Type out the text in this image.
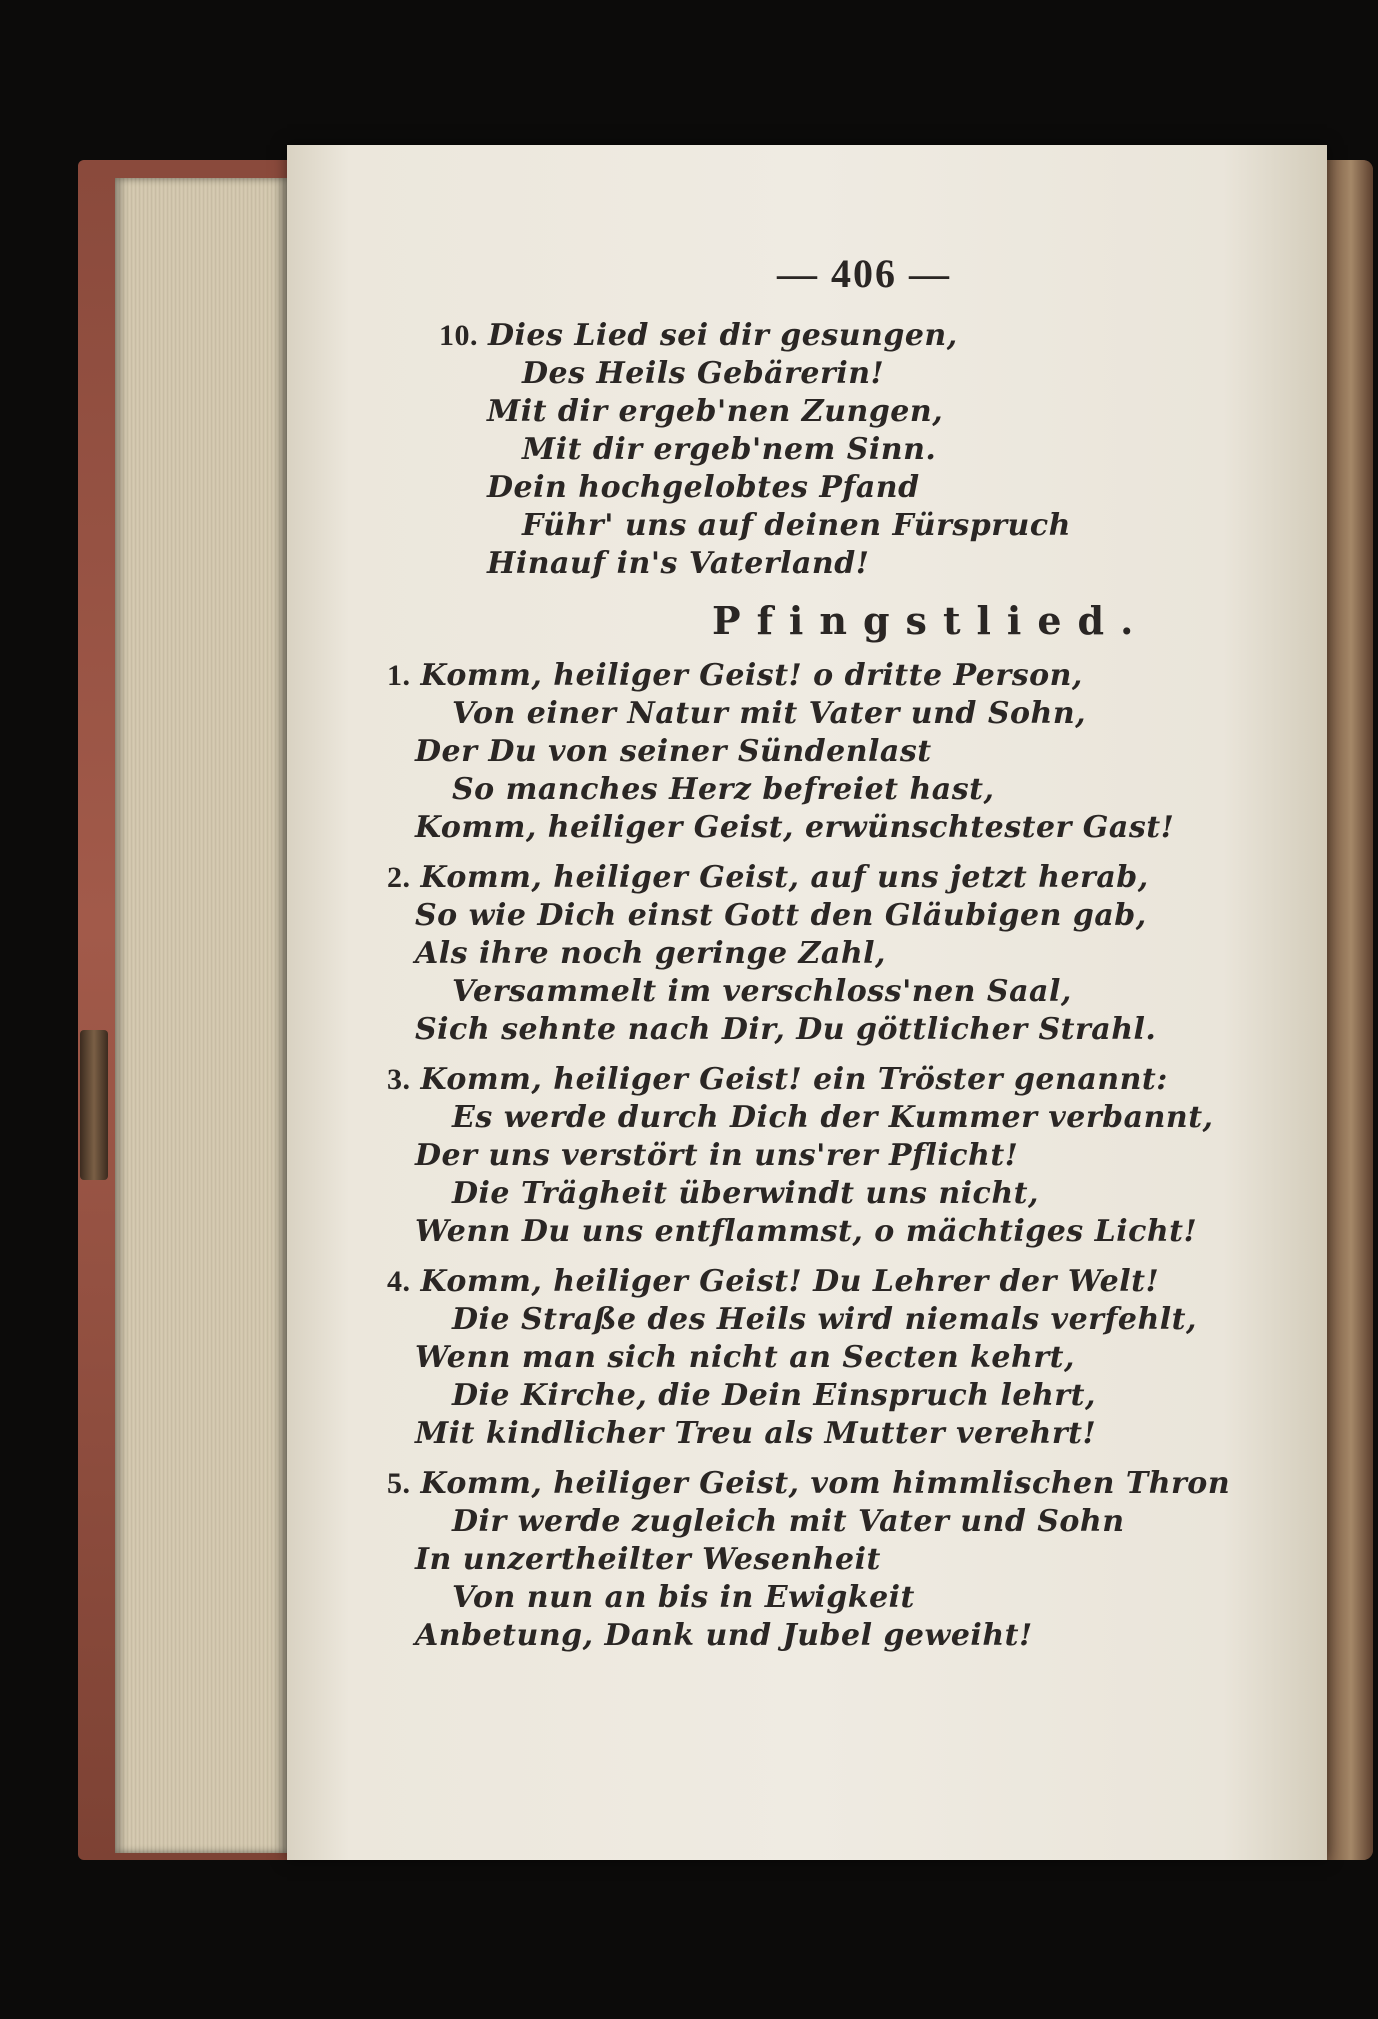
— 406 —
10. Dies Lied sei dir gesungen,
Des Heils Gebärerin!
Mit dir ergeb'nen Zungen,
Mit dir ergeb'nem Sinn.
Dein hochgelobtes Pfand
Führ' uns auf deinen Fürspruch
Hinauf in's Vaterland!
Pfingstlied.
1. Komm, heiliger Geist! o dritte Person,
Von einer Natur mit Vater und Sohn,
Der Du von seiner Sündenlast
So manches Herz befreiet hast,
Komm, heiliger Geist, erwünschtester Gast!
2. Komm, heiliger Geist, auf uns jetzt herab,
So wie Dich einst Gott den Gläubigen gab,
Als ihre noch geringe Zahl,
Versammelt im verschloss'nen Saal,
Sich sehnte nach Dir, Du göttlicher Strahl.
3. Komm, heiliger Geist! ein Tröster genannt:
Es werde durch Dich der Kummer verbannt,
Der uns verstört in uns'rer Pflicht!
Die Trägheit überwindt uns nicht,
Wenn Du uns entflammst, o mächtiges Licht!
4. Komm, heiliger Geist! Du Lehrer der Welt!
Die Straße des Heils wird niemals verfehlt,
Wenn man sich nicht an Secten kehrt,
Die Kirche, die Dein Einspruch lehrt,
Mit kindlicher Treu als Mutter verehrt!
5. Komm, heiliger Geist, vom himmlischen Thron
Dir werde zugleich mit Vater und Sohn
In unzertheilter Wesenheit
Von nun an bis in Ewigkeit
Anbetung, Dank und Jubel geweiht!
